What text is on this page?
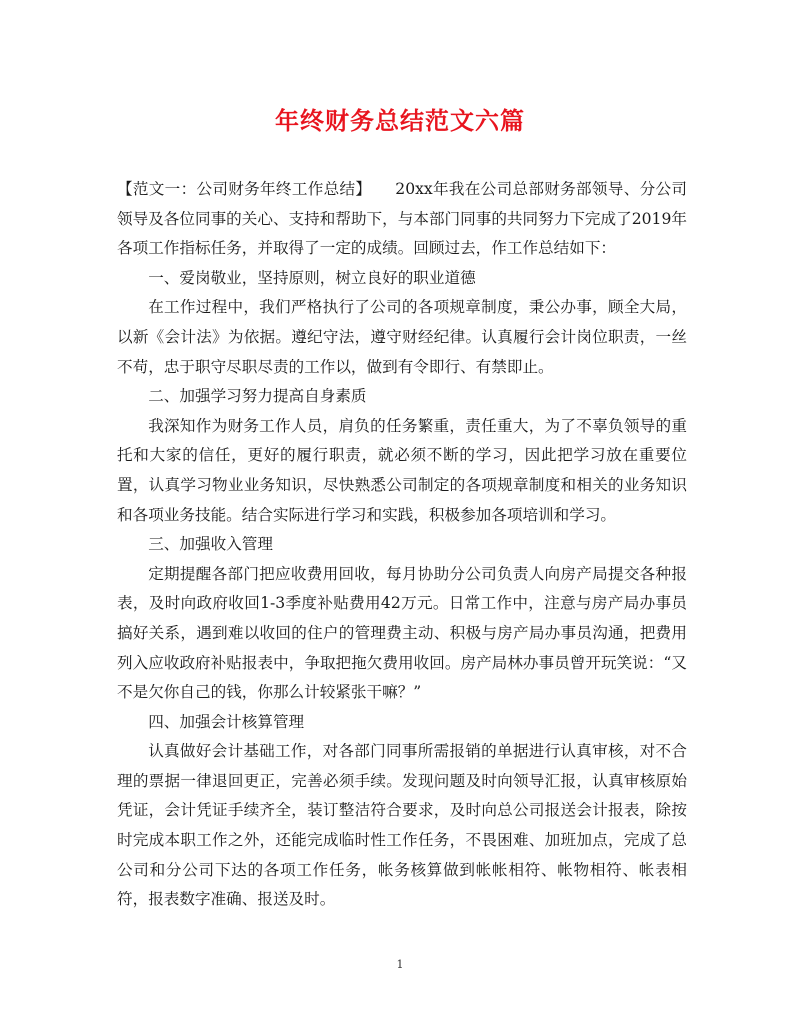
年终财务总结范文六篇

【范文一：公司财务年终工作总结】　　20xx年我在公司总部财务部领导、分公司领导及各位同事的关心、支持和帮助下，与本部门同事的共同努力下完成了2019年各项工作指标任务，并取得了一定的成绩。回顾过去，作工作总结如下：

一、爱岗敬业，坚持原则，树立良好的职业道德

在工作过程中，我们严格执行了公司的各项规章制度，秉公办事，顾全大局，以新《会计法》为依据。遵纪守法，遵守财经纪律。认真履行会计岗位职责，一丝不苟，忠于职守尽职尽责的工作以，做到有令即行、有禁即止。

二、加强学习努力提高自身素质

我深知作为财务工作人员，肩负的任务繁重，责任重大，为了不辜负领导的重托和大家的信任，更好的履行职责，就必须不断的学习，因此把学习放在重要位置，认真学习物业业务知识，尽快熟悉公司制定的各项规章制度和相关的业务知识和各项业务技能。结合实际进行学习和实践，积极参加各项培训和学习。

三、加强收入管理

定期提醒各部门把应收费用回收，每月协助分公司负责人向房产局提交各种报表，及时向政府收回1-3季度补贴费用42万元。日常工作中，注意与房产局办事员搞好关系，遇到难以收回的住户的管理费主动、积极与房产局办事员沟通，把费用列入应收政府补贴报表中，争取把拖欠费用收回。房产局林办事员曾开玩笑说：“又不是欠你自己的钱，你那么计较紧张干嘛？”

四、加强会计核算管理

认真做好会计基础工作，对各部门同事所需报销的单据进行认真审核，对不合理的票据一律退回更正，完善必须手续。发现问题及时向领导汇报，认真审核原始凭证，会计凭证手续齐全，装订整洁符合要求，及时向总公司报送会计报表，除按时完成本职工作之外，还能完成临时性工作任务，不畏困难、加班加点，完成了总公司和分公司下达的各项工作任务，帐务核算做到帐帐相符、帐物相符、帐表相符，报表数字准确、报送及时。

1
